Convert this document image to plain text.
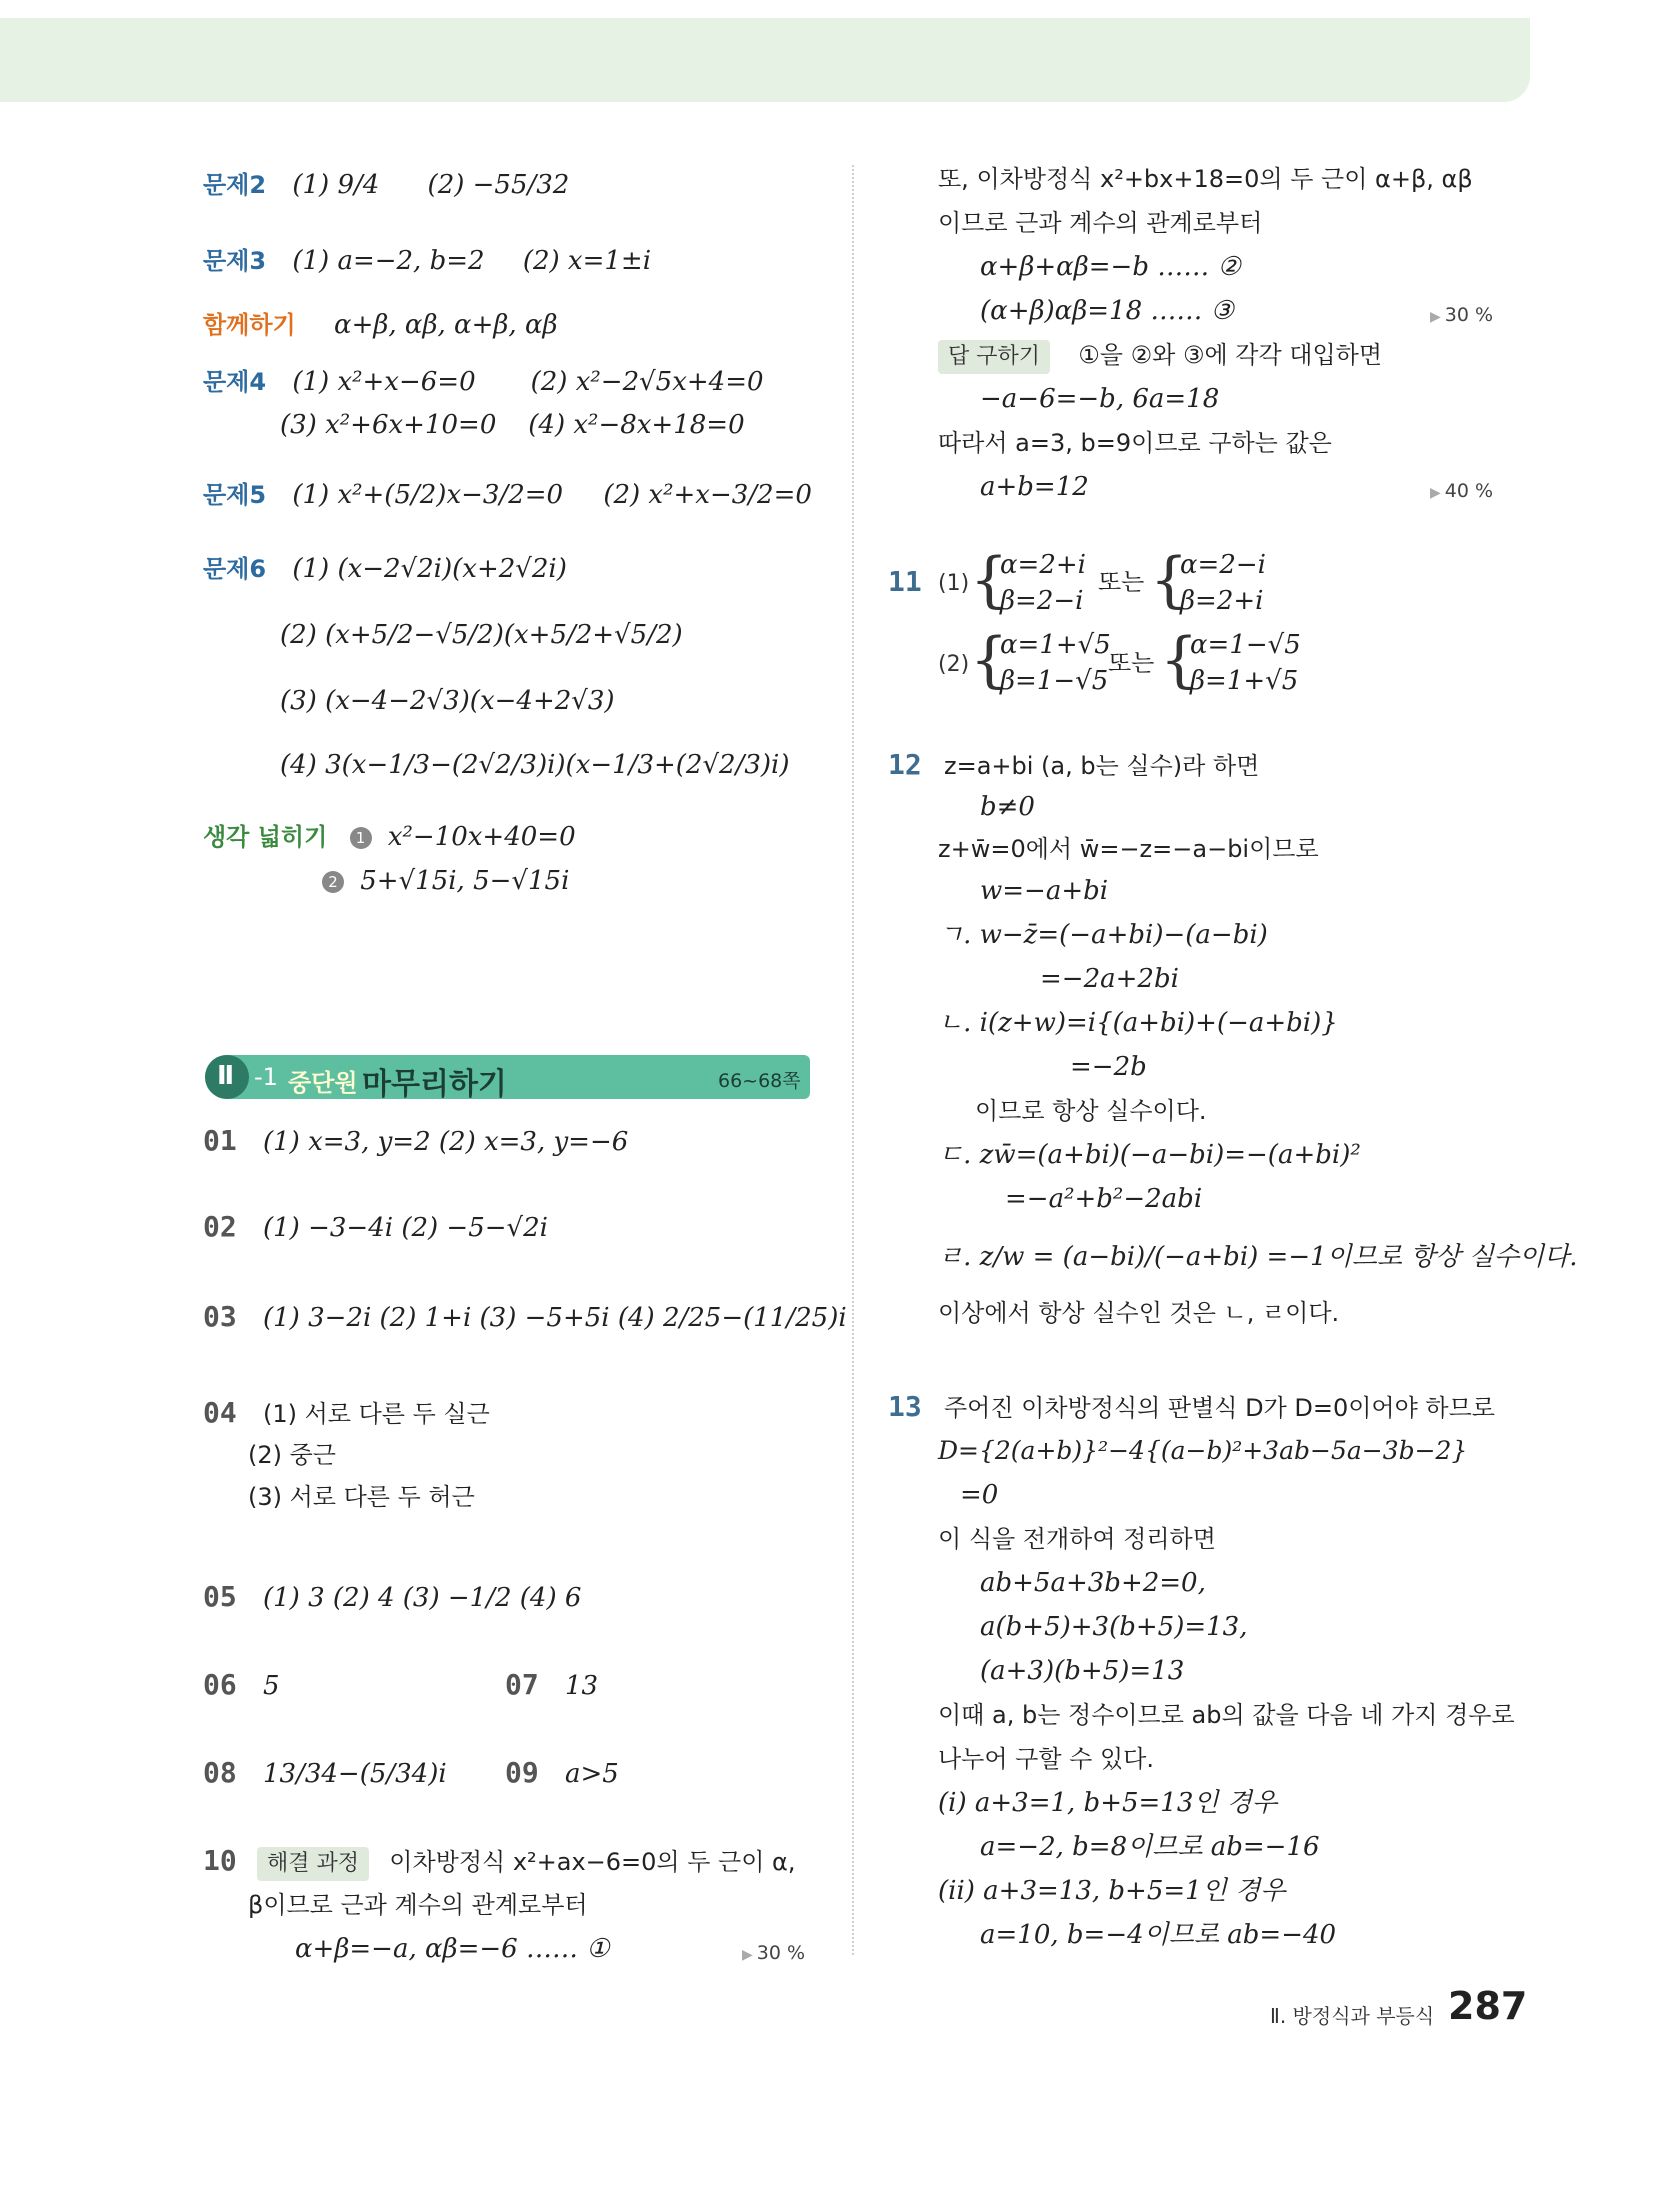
문제2 (1) 9/4 (2) −55/32
문제3 (1) a=−2, b=2 (2) x=1±i
함께하기 α+β, αβ, α+β, αβ
문제4 (1) x²+x−6=0 (2) x²−2√5x+4=0
(3) x²+6x+10=0 (4) x²−8x+18=0
문제5 (1) x²+(5/2)x−3/2=0 (2) x²+x−3/2=0
문제6 (1) (x−2√2i)(x+2√2i)
(2) (x+5/2−√5/2)(x+5/2+√5/2)
(3) (x−4−2√3)(x−4+2√3)
(4) 3(x−1/3−(2√2/3)i)(x−1/3+(2√2/3)i)
생각 넓히기 1 x²−10x+40=0
2 5+√15i, 5−√15i
Ⅱ -1 중단원 마무리하기	66~68쪽
01 (1) x=3, y=2 (2) x=3, y=−6
02 (1) −3−4i (2) −5−√2i
03 (1) 3−2i (2) 1+i (3) −5+5i (4) 2/25−(11/25)i
04 (1) 서로 다른 두 실근
(2) 중근
(3) 서로 다른 두 허근
05 (1) 3 (2) 4 (3) −1/2 (4) 6
06 5	07 13
08 13/34−(5/34)i 09 a>5
10 해결 과정 이차방정식 x²+ax−6=0의 두 근이 α,
β이므로 근과 계수의 관계로부터
α+β=−a, αβ=−6 …… ①	▶ 30 %
또, 이차방정식 x²+bx+18=0의 두 근이 α+β, αβ
이므로 근과 계수의 관계로부터
α+β+αβ=−b …… ②
(α+β)αβ=18 …… ③	▶ 30 %
답 구하기 ①을 ②와 ③에 각각 대입하면
−a−6=−b, 6a=18
따라서 a=3, b=9이므로 구하는 값은
a+b=12	▶ 40 %
11 (1) {
α=2+i
β=2−i
또는 {
α=2−i
β=2+i
(2) {
α=1+√5
β=1−√5
또는 {
α=1−√5
β=1+√5
12 z=a+bi (a, b는 실수)라 하면
b≠0
z+w̄=0에서 w̄=−z=−a−bi이므로
w=−a+bi
ㄱ. w−z̄=(−a+bi)−(a−bi)
=−2a+2bi
ㄴ. i(z+w)=i{(a+bi)+(−a+bi)}
=−2b
이므로 항상 실수이다.
ㄷ. zw̄=(a+bi)(−a−bi)=−(a+bi)²
=−a²+b²−2abi
ㄹ. z/w = (a−bi)/(−a+bi) =−1이므로 항상 실수이다.
이상에서 항상 실수인 것은 ㄴ, ㄹ이다.
13 주어진 이차방정식의 판별식 D가 D=0이어야 하므로
D={2(a+b)}²−4{(a−b)²+3ab−5a−3b−2}
=0
이 식을 전개하여 정리하면
ab+5a+3b+2=0,
a(b+5)+3(b+5)=13,
(a+3)(b+5)=13
이때 a, b는 정수이므로 ab의 값을 다음 네 가지 경우로
나누어 구할 수 있다.
(ⅰ) a+3=1, b+5=13인 경우
a=−2, b=8이므로 ab=−16
(ⅱ) a+3=13, b+5=1인 경우
a=10, b=−4이므로 ab=−40
Ⅱ. 방정식과 부등식 287
